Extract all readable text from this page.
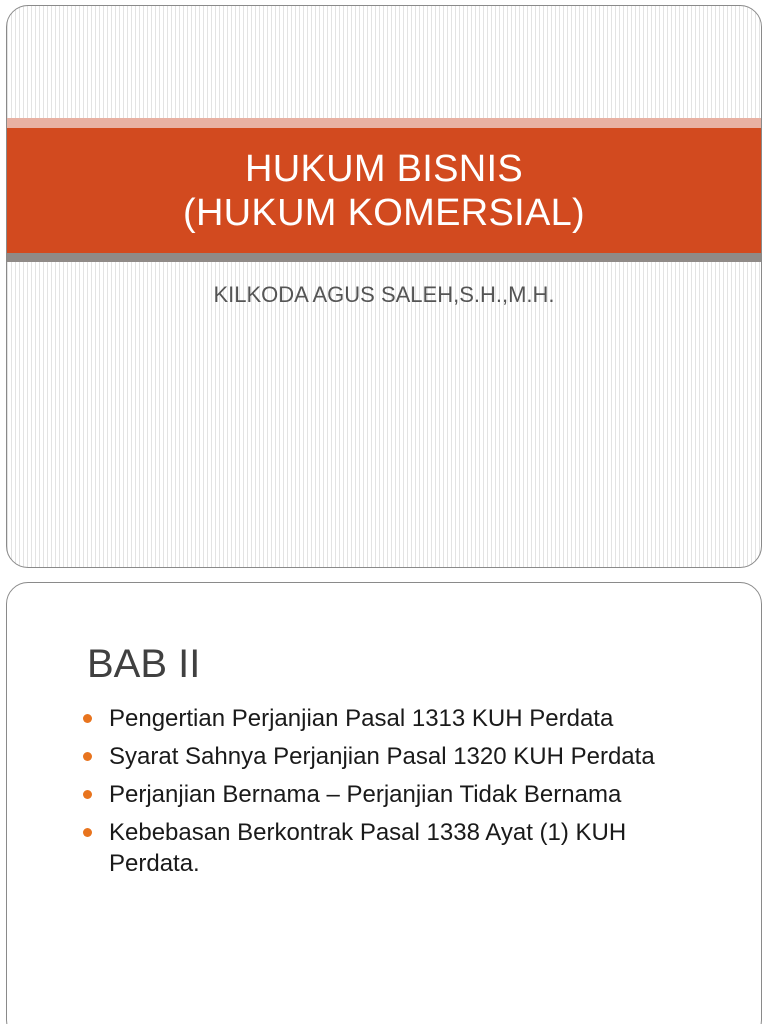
HUKUM BISNIS
(HUKUM KOMERSIAL)
KILKODA AGUS SALEH,S.H.,M.H.
BAB II
Pengertian Perjanjian Pasal 1313 KUH Perdata
Syarat Sahnya Perjanjian Pasal 1320 KUH Perdata
Perjanjian Bernama – Perjanjian Tidak Bernama
Kebebasan Berkontrak Pasal 1338 Ayat (1) KUH Perdata.
